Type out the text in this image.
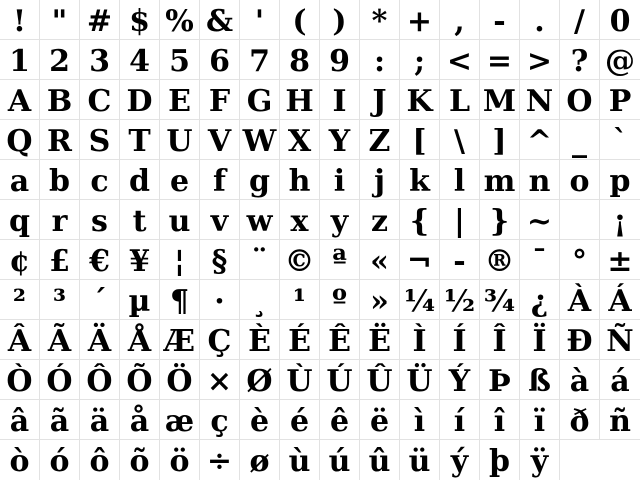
! " # $ % & ' ( ) * + , - . / 0
1 2 3 4 5 6 7 8 9 : ; < = > ? @
A B C D E F G H I J K L M N O P
Q R S T U V W X Y Z [ \ ] ^ _ `
a b c d e f g h i j k l m n o p
q r s t u v w x y z { | } ~
	¡
¢ £ € ¥ ¦ § ¨ © ª « ¬ - ® ¯ ° ±
² ³ ´ µ ¶ · ¸ ¹ º » ¼ ½ ¾ ¿ À Á
Â Ã Ä Å Æ Ç È É Ê Ë Ì Í Î Ï Ð Ñ
Ò Ó Ô Õ Ö × Ø Ù Ú Û Ü Ý Þ ß à á
â ã ä å æ ç è é ê ë ì í î ï ð ñ
ò ó ô õ ö ÷ ø ù ú û ü ý þ ÿ
